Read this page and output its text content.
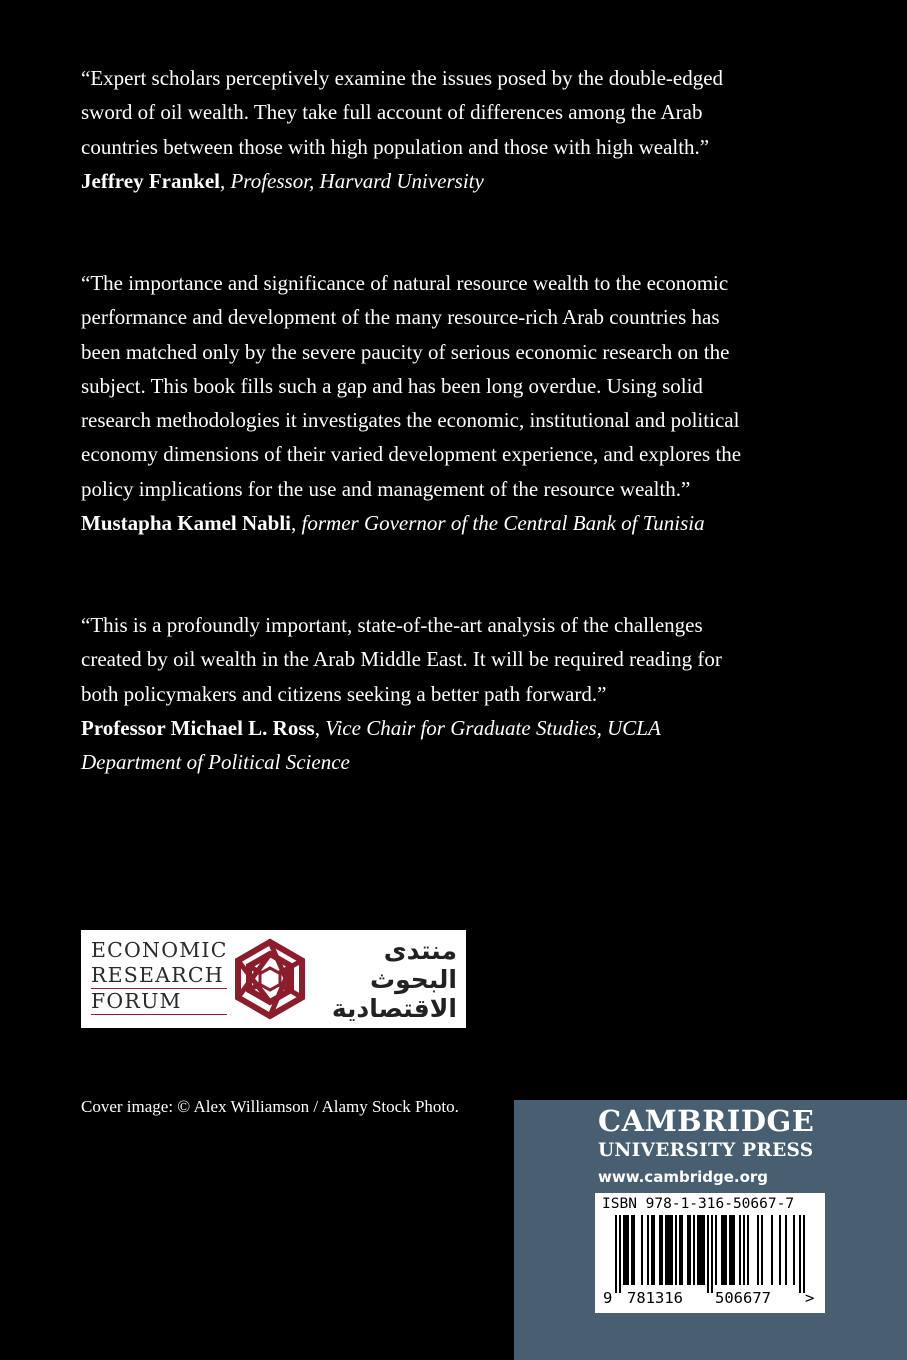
“Expert scholars perceptively examine the issues posed by the double-edged sword of oil wealth. They take full account of differences among the Arab countries between those with high population and those with high wealth.”

Jeffrey Frankel, Professor, Harvard University

“The importance and significance of natural resource wealth to the economic performance and development of the many resource-rich Arab countries has been matched only by the severe paucity of serious economic research on the subject. This book fills such a gap and has been long overdue. Using solid research methodologies it investigates the economic, institutional and political economy dimensions of their varied development experience, and explores the policy implications for the use and management of the resource wealth.”

Mustapha Kamel Nabli, former Governor of the Central Bank of Tunisia

“This is a profoundly important, state-of-the-art analysis of the challenges created by oil wealth in the Arab Middle East. It will be required reading for both policymakers and citizens seeking a better path forward.”

Professor Michael L. Ross, Vice Chair for Graduate Studies, UCLA Department of Political Science

ECONOMIC
RESEARCH
FORUM
منتدى
البحوث
الاقتصادية
Cover image: © Alex Williamson / Alamy Stock Photo.	CAMBRIDGE
UNIVERSITY PRESS
www.cambridge.org
ISBN 978-1-316-50667-7
9 781316 506677 >
